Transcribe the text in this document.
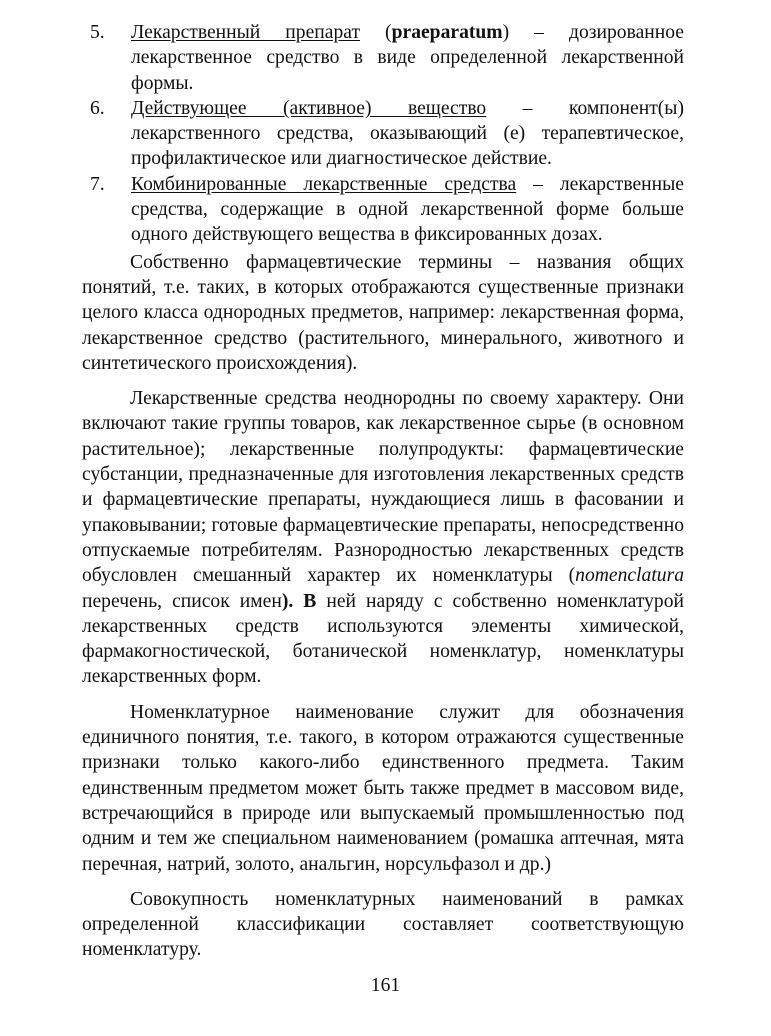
5. Лекарственный препарат (praeparatum) – дозированное лекарственное средство в виде определенной лекарственной формы.

6. Действующее (активное) вещество – компонент(ы) лекарственного средства, оказывающий (е) терапевтическое, профилактическое или диагностическое действие.

7. Комбинированные лекарственные средства – лекарственные средства, содержащие в одной лекарственной форме больше одного действующего вещества в фиксированных дозах.

Собственно фармацевтические термины – названия общих понятий, т.е. таких, в которых отображаются существенные признаки целого класса однородных предметов, например: лекарственная форма, лекарственное средство (растительного, минерального, животного и синтетического происхождения).

Лекарственные средства неоднородны по своему характеру. Они включают такие группы товаров, как лекарственное сырье (в основном растительное); лекарственные полупродукты: фармацевтические субстанции, предназначенные для изготовления лекарственных средств и фармацевтические препараты, нуждающиеся лишь в фасовании и упаковывании; готовые фармацевтические препараты, непосредственно отпускаемые потребителям. Разнородностью лекарственных средств обусловлен смешанный характер их номенклатуры (nomenclatura перечень, список имен). В ней наряду с собственно номенклатурой лекарственных средств используются элементы химической, фармакогностической, ботанической номенклатур, номенклатуры лекарственных форм.

Номенклатурное наименование служит для обозначения единичного понятия, т.е. такого, в котором отражаются существенные признаки только какого-либо единственного предмета. Таким единственным предметом может быть также предмет в массовом виде, встречающийся в природе или выпускаемый промышленностью под одним и тем же специальном наименованием (ромашка аптечная, мята перечная, натрий, золото, анальгин, норсульфазол и др.)

Совокупность номенклатурных наименований в рамках определенной классификации составляет соответствующую номенклатуру.

161
